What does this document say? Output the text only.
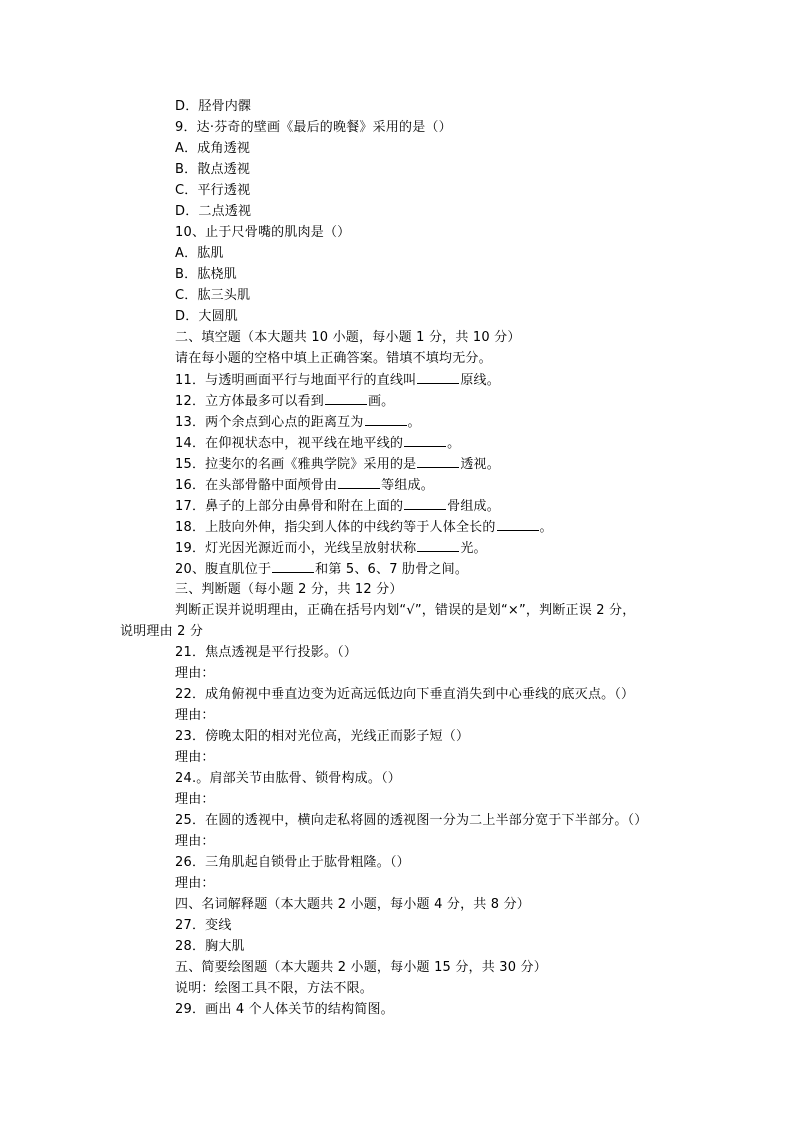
D．胫骨内髁
9．达·芬奇的壁画《最后的晚餐》采用的是（）
A．成角透视
B．散点透视
C．平行透视
D．二点透视
10、止于尺骨嘴的肌肉是（）
A．肱肌
B．肱桡肌
C．肱三头肌
D．大圆肌
二、填空题（本大题共 10 小题，每小题 1 分，共 10 分）
请在每小题的空格中填上正确答案。错填不填均无分。
11．与透明画面平行与地面平行的直线叫	原线。
12．立方体最多可以看到	画。
13．两个余点到心点的距离互为	。
14．在仰视状态中，视平线在地平线的	。
15．拉斐尔的名画《雅典学院》采用的是	透视。
16．在头部骨骼中面颅骨由	等组成。
17．鼻子的上部分由鼻骨和附在上面的	骨组成。
18．上肢向外伸，指尖到人体的中线约等于人体全长的	。
19．灯光因光源近而小，光线呈放射状称	光。
20、腹直肌位于	和第 5、6、7 肋骨之间。
三、判断题（每小题 2 分，共 12 分）
判断正误并说明理由，正确在括号内划“√”，错误的是划“×”，判断正误 2 分，
说明理由 2 分
21．焦点透视是平行投影。（）
理由：
22．成角俯视中垂直边变为近高远低边向下垂直消失到中心垂线的底灭点。（）
理由：
23．傍晚太阳的相对光位高，光线正而影子短（）
理由：
24.。肩部关节由肱骨、锁骨构成。（）
理由：
25．在圆的透视中，横向走私将圆的透视图一分为二上半部分宽于下半部分。（）
理由：
26．三角肌起自锁骨止于肱骨粗隆。（）
理由：
四、名词解释题（本大题共 2 小题，每小题 4 分，共 8 分）
27．变线
28．胸大肌
五、简要绘图题（本大题共 2 小题，每小题 15 分，共 30 分）
说明：绘图工具不限，方法不限。
29．画出 4 个人体关节的结构简图。
